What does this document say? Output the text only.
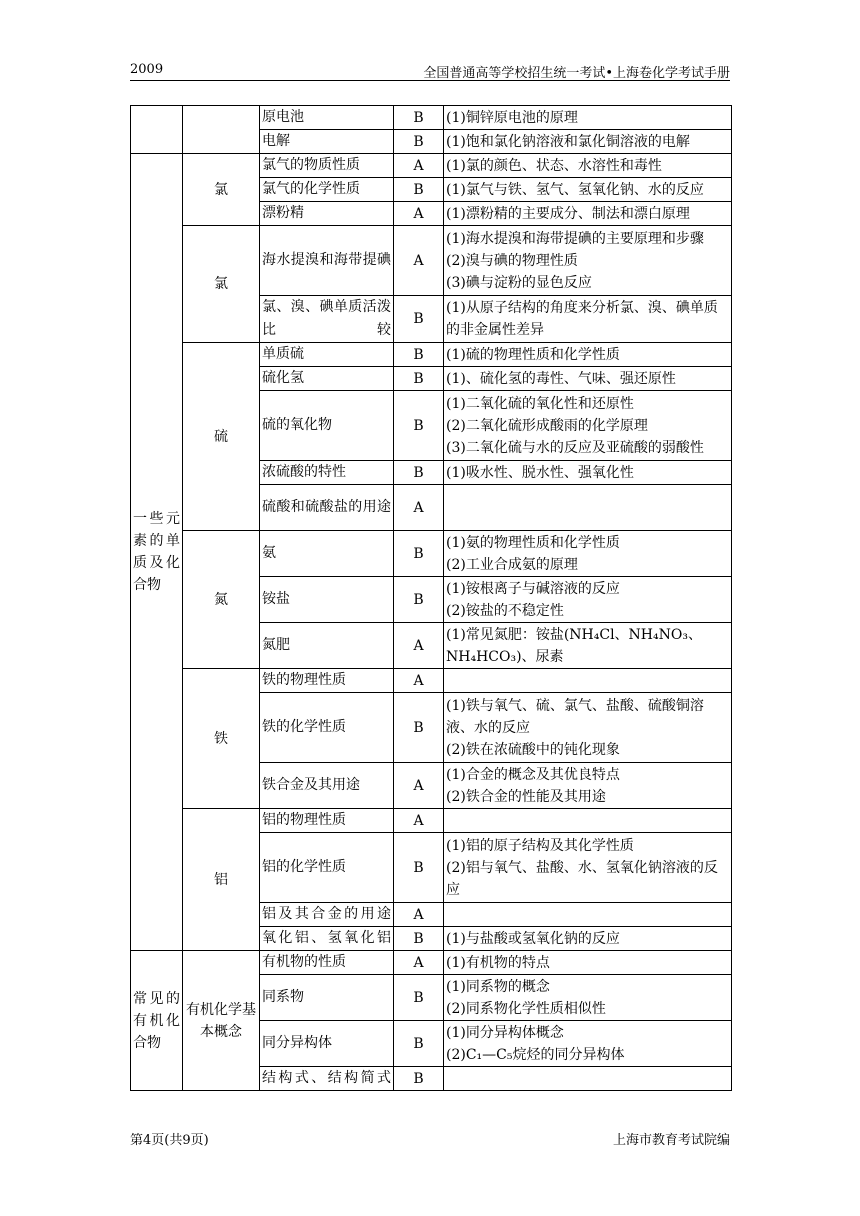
2009	全国普通高等学校招生统一考试•上海卷化学考试手册
		原电池	B	(1)铜锌原电池的原理

		电解	B	(1)饱和氯化钠溶液和氯化铜溶液的电解

一些元素的单质及化合物	氯	氯气的物质性质	A	(1)氯的颜色、状态、水溶性和毒性

		氯气的化学性质	B	(1)氯气与铁、氢气、氢氧化钠、水的反应

		漂粉精	A	(1)漂粉精的主要成分、制法和漂白原理

	氯	海水提溴和海带提碘	A	(1)海水提溴和海带提碘的主要原理和步骤
(2)溴与碘的物理性质
(3)碘与淀粉的显色反应

		氯、溴、碘单质活泼比较	B	(1)从原子结构的角度来分析氯、溴、碘单质的非金属性差异

	硫	单质硫	B	(1)硫的物理性质和化学性质

		硫化氢	B	(1)、硫化氢的毒性、气味、强还原性

		硫的氧化物	B	(1)二氧化硫的氧化性和还原性
(2)二氧化硫形成酸雨的化学原理
(3)二氧化硫与水的反应及亚硫酸的弱酸性

		浓硫酸的特性	B	(1)吸水性、脱水性、强氧化性

		硫酸和硫酸盐的用途	A	
	氮	氨	B	(1)氨的物理性质和化学性质
(2)工业合成氨的原理

		铵盐	B	(1)铵根离子与碱溶液的反应
(2)铵盐的不稳定性

		氮肥	A	(1)常见氮肥：铵盐(NH₄Cl、NH₄NO₃、NH₄HCO₃)、尿素

	铁	铁的物理性质	A	
		铁的化学性质	B	(1)铁与氧气、硫、氯气、盐酸、硫酸铜溶液、水的反应
(2)铁在浓硫酸中的钝化现象

		铁合金及其用途	A	(1)合金的概念及其优良特点
(2)铁合金的性能及其用途

	铝	铝的物理性质	A	
		铝的化学性质	B	(1)铝的原子结构及其化学性质
(2)铝与氧气、盐酸、水、氢氧化钠溶液的反应

		铝及其合金的用途	A	
		氧化铝、氢氧化铝	B	(1)与盐酸或氢氧化钠的反应

常见的有机化合物	有机化学基本概念	有机物的性质	A	(1)有机物的特点

		同系物	B	(1)同系物的概念
(2)同系物化学性质相似性

		同分异构体	B	(1)同分异构体概念
(2)C₁—C₅烷烃的同分异构体

		结构式、结构简式	B	
第4页(共9页)	上海市教育考试院编
